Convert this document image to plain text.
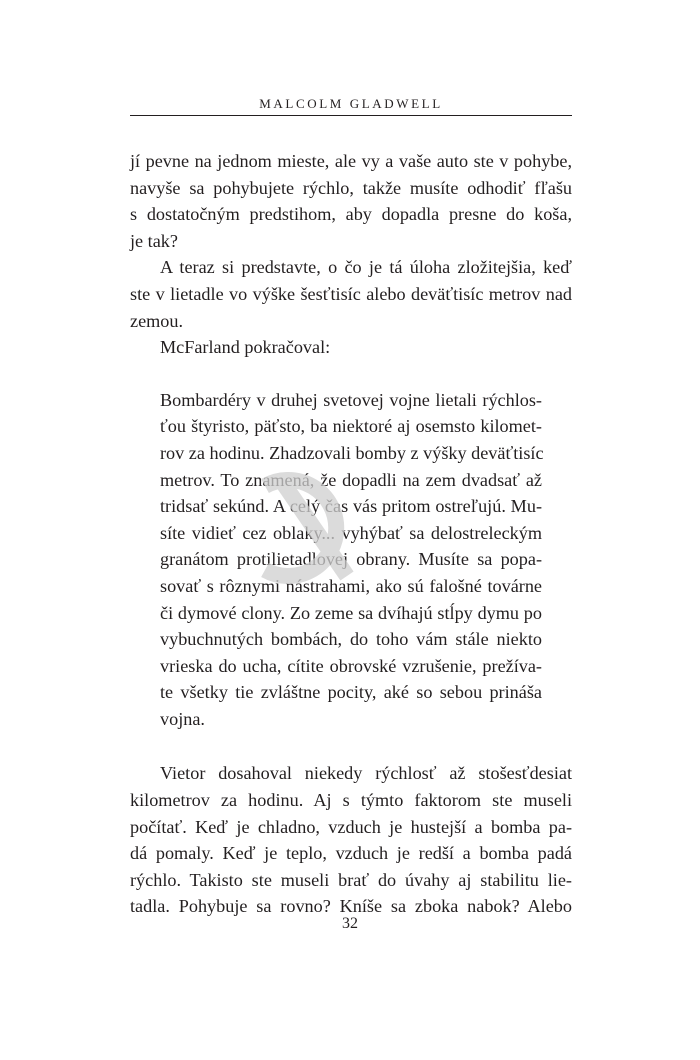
MALCOLM GLADWELL
jí pevne na jednom mieste, ale vy a vaše auto ste v pohybe,
navyše sa pohybujete rýchlo, takže musíte odhodiť fľašu
s dostatočným predstihom, aby dopadla presne do koša,
je tak?
A teraz si predstavte, o čo je tá úloha zložitejšia, keď
ste v lietadle vo výške šesťtisíc alebo deväťtisíc metrov nad
zemou.
McFarland pokračoval:
Bombardéry v druhej svetovej vojne lietali rýchlos-
ťou štyristo, päťsto, ba niektoré aj osemsto kilomet-
rov za hodinu. Zhadzovali bomby z výšky deväťtisíc
metrov. To znamená, že dopadli na zem dvadsať až
tridsať sekúnd. A celý čas vás pritom ostreľujú. Mu-
síte vidieť cez oblaky... vyhýbať sa delostreleckým
granátom protilietadlovej obrany. Musíte sa popa-
sovať s rôznymi nástrahami, ako sú falošné továrne
či dymové clony. Zo zeme sa dvíhajú stĺpy dymu po
vybuchnutých bombách, do toho vám stále niekto
vrieska do ucha, cítite obrovské vzrušenie, prežíva-
te všetky tie zvláštne pocity, aké so sebou prináša
vojna.
Vietor dosahoval niekedy rýchlosť až stošesťdesiat
kilometrov za hodinu. Aj s týmto faktorom ste museli
počítať. Keď je chladno, vzduch je hustejší a bomba pa-
dá pomaly. Keď je teplo, vzduch je redší a bomba padá
rýchlo. Takisto ste museli brať do úvahy aj stabilitu lie-
tadla. Pohybuje sa rovno? Kníše sa zboka nabok? Alebo
32
